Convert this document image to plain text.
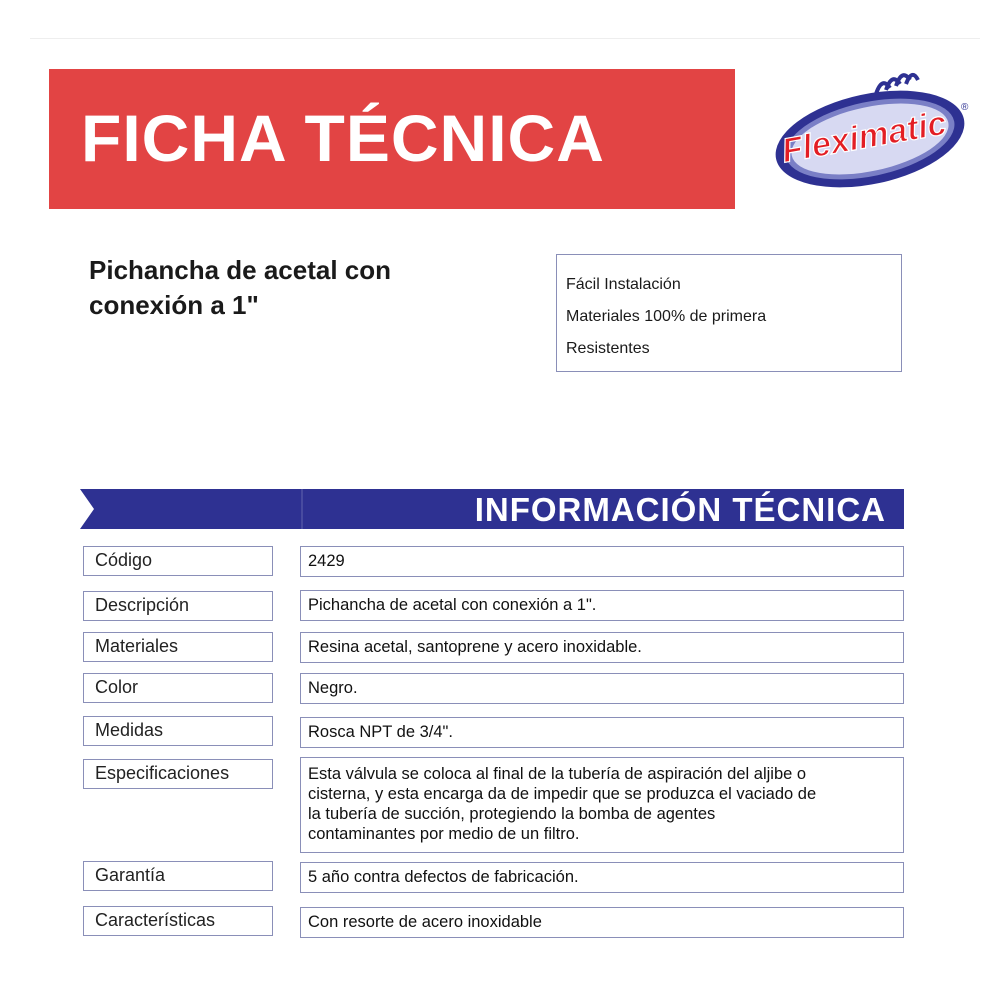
FICHA TÉCNICA	Fleximatic ®
Pichancha de acetal con
conexión a 1"
Fácil Instalación
Materiales 100% de primera
Resistentes
INFORMACIÓN TÉCNICA
Código	2429
Descripción	Pichancha de acetal con conexión a 1".
Materiales	Resina acetal, santoprene y acero inoxidable.
Color	Negro.
Medidas	Rosca NPT de 3/4".
Especificaciones	Esta válvula se coloca al final de la tubería de aspiración del aljibe o
cisterna, y esta encarga da de impedir que se produzca el vaciado de
la tubería de succión, protegiendo la bomba de agentes
contaminantes por medio de un filtro.
Garantía	5 año contra defectos de fabricación.
Características	Con resorte de acero inoxidable
